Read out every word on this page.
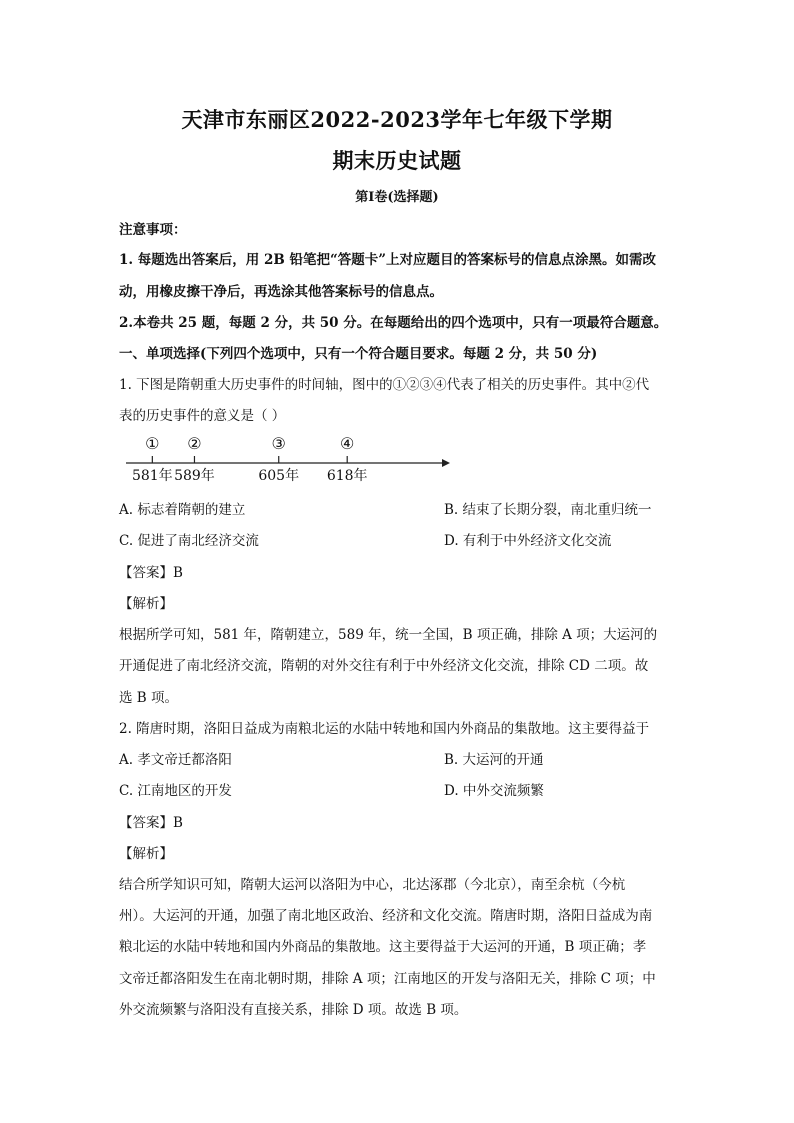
天津市东丽区2022-2023学年七年级下学期
期末历史试题
第Ⅰ卷(选择题)
注意事项：
1. 每题选出答案后，用 2B 铅笔把“答题卡”上对应题目的答案标号的信息点涂黑。如需改
动，用橡皮擦干净后，再选涂其他答案标号的信息点。
2.本卷共 25 题，每题 2 分，共 50 分。在每题给出的四个选项中，只有一项最符合题意。
一、单项选择(下列四个选项中，只有一个符合题目要求。每题 2 分，共 50 分)
1. 下图是隋朝重大历史事件的时间轴，图中的①②③④代表了相关的历史事件。其中②代
表的历史事件的意义是（ ）
①
581年
②
589年
③
605年
④
618年
A. 标志着隋朝的建立	B. 结束了长期分裂，南北重归统一
C. 促进了南北经济交流	D. 有利于中外经济文化交流
【答案】B
【解析】
根据所学可知，581 年，隋朝建立，589 年，统一全国，B 项正确，排除 A 项；大运河的
开通促进了南北经济交流，隋朝的对外交往有利于中外经济文化交流，排除 CD 二项。故
选 B 项。
2. 隋唐时期，洛阳日益成为南粮北运的水陆中转地和国内外商品的集散地。这主要得益于
A. 孝文帝迁都洛阳	B. 大运河的开通
C. 江南地区的开发	D. 中外交流频繁
【答案】B
【解析】
结合所学知识可知，隋朝大运河以洛阳为中心，北达涿郡（今北京），南至余杭（今杭
州）。大运河的开通，加强了南北地区政治、经济和文化交流。隋唐时期，洛阳日益成为南
粮北运的水陆中转地和国内外商品的集散地。这主要得益于大运河的开通，B 项正确；孝
文帝迁都洛阳发生在南北朝时期，排除 A 项；江南地区的开发与洛阳无关，排除 C 项；中
外交流频繁与洛阳没有直接关系，排除 D 项。故选 B 项。
